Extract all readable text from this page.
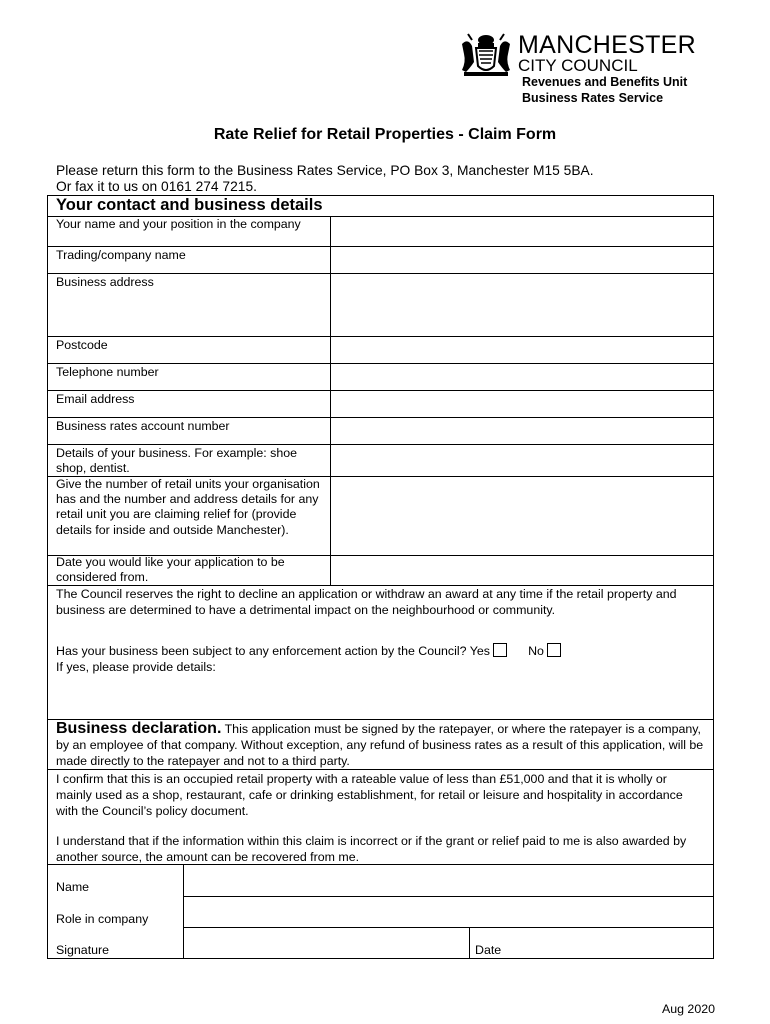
MANCHESTER
CITY COUNCIL
Revenues and Benefits Unit
Business Rates Service
Rate Relief for Retail Properties - Claim Form
Please return this form to the Business Rates Service, PO Box 3, Manchester M15 5BA.
Or fax it to us on 0161 274 7215.
Your contact and business details
Your name and your position in the company
Trading/company name
Business address
Postcode
Telephone number
Email address
Business rates account number
Details of your business. For example: shoe shop, dentist.
Give the number of retail units your organisation has and the number and address details for any retail unit you are claiming relief for (provide details for inside and outside Manchester).
Date you would like your application to be considered from.
The Council reserves the right to decline an application or withdraw an award at any time if the retail property and business are determined to have a detrimental impact on the neighbourhood or community.
Has your business been subject to any enforcement action by the Council? Yes	No
If yes, please provide details:
Business declaration. This application must be signed by the ratepayer, or where the ratepayer is a company, by an employee of that company. Without exception, any refund of business rates as a result of this application, will be made directly to the ratepayer and not to a third party.
I confirm that this is an occupied retail property with a rateable value of less than £51,000 and that it is wholly or mainly used as a shop, restaurant, cafe or drinking establishment, for retail or leisure and hospitality in accordance with the Council’s policy document.
I understand that if the information within this claim is incorrect or if the grant or relief paid to me is also awarded by another source, the amount can be recovered from me.
Name
Role in company
Signature	Date
Aug 2020
